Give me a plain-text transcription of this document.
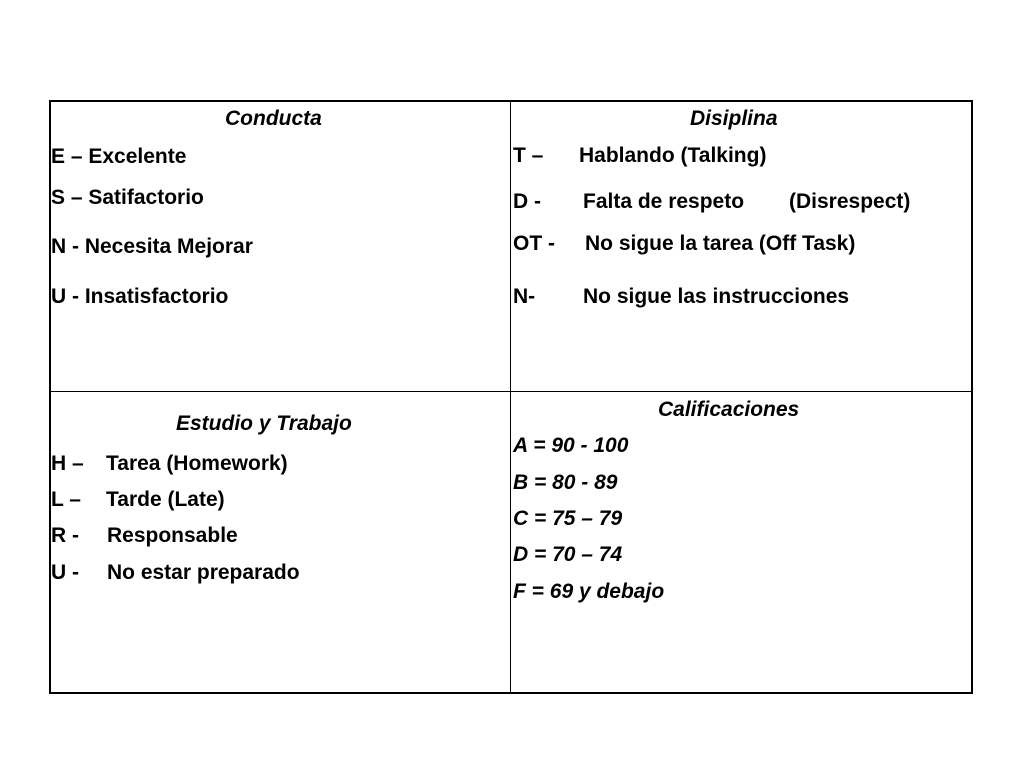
Conducta

E – Excelente

S – Satifactorio

N - Necesita Mejorar

U - Insatisfactorio

Disiplina

T –

Hablando (Talking)

D -

Falta de respeto

(Disrespect)

OT -

No sigue la tarea (Off Task)

N-

No sigue las instrucciones

Estudio y Trabajo

H –

Tarea (Homework)

L –

Tarde (Late)

R -

Responsable

U -

No estar preparado

Calificaciones

A = 90 - 100

B = 80 - 89

C = 75 – 79

D = 70 – 74

F = 69 y debajo
